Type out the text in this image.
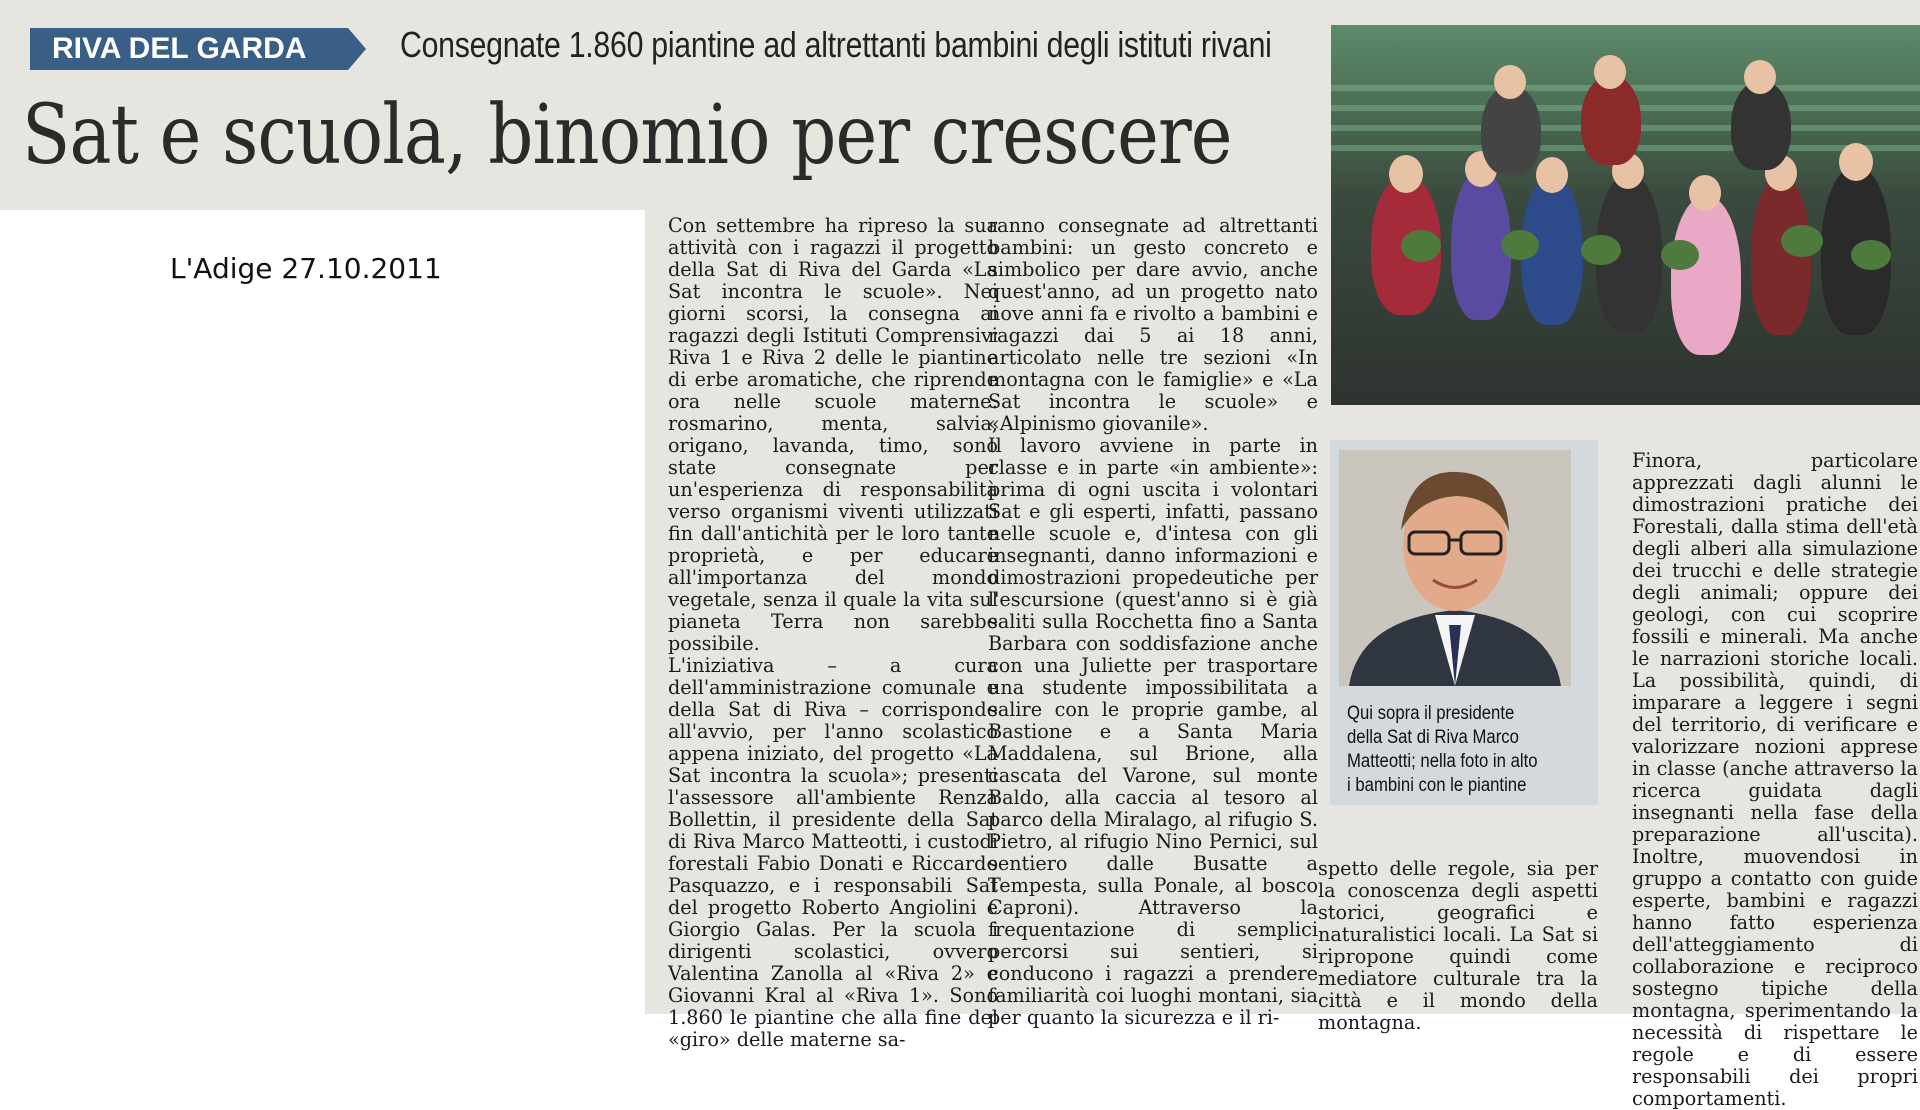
RIVA DEL GARDA	Consegnate 1.860 piantine ad altrettanti bambini degli istituti rivani
Sat e scuola, binomio per crescere
L'Adige 27.10.2011

Con settembre ha ripreso la sua attività con i ragazzi il progetto della Sat di Riva del Garda «La Sat incontra le scuole». Nei giorni scorsi, la consegna ai ragazzi degli Istituti Comprensivi Riva 1 e Riva 2 delle le piantine di erbe aromatiche, che riprende ora nelle scuole materne: rosmarino, menta, salvia, origano, lavanda, timo, sono state consegnate per un'esperienza di responsabilità verso organismi viventi utilizzati fin dall'antichità per le loro tante proprietà, e per educare all'importanza del mondo vegetale, senza il quale la vita sul pianeta Terra non sarebbe possibile.

L'iniziativa – a cura dell'amministrazione comunale e della Sat di Riva – corrisponde all'avvio, per l'anno scolastico appena iniziato, del progetto «La Sat incontra la scuola»; presenti l'assessore all'ambiente Renza Bollettin, il presidente della Sat di Riva Marco Matteotti, i custodi forestali Fabio Donati e Riccardo Pasquazzo, e i responsabili Sat del progetto Roberto Angiolini e Giorgio Galas. Per la scuola i dirigenti scolastici, ovvero Valentina Zanolla al «Riva 2» e Giovanni Kral al «Riva 1». Sono 1.860 le piantine che alla fine del «giro» delle materne sa-

ranno consegnate ad altrettanti bambini: un gesto concreto e simbolico per dare avvio, anche quest'anno, ad un progetto nato nove anni fa e rivolto a bambini e ragazzi dai 5 ai 18 anni, articolato nelle tre sezioni «In montagna con le famiglie» e «La Sat incontra le scuole» e «Alpinismo giovanile».

Il lavoro avviene in parte in classe e in parte «in ambiente»: prima di ogni uscita i volontari Sat e gli esperti, infatti, passano nelle scuole e, d'intesa con gli insegnanti, danno informazioni e dimostrazioni propedeutiche per l'escursione (quest'anno si è già saliti sulla Rocchetta fino a Santa Barbara con soddisfazione anche con una Juliette per trasportare una studente impossibilitata a salire con le proprie gambe, al Bastione e a Santa Maria Maddalena, sul Brione, alla cascata del Varone, sul monte Baldo, alla caccia al tesoro al parco della Miralago, al rifugio S. Pietro, al rifugio Nino Pernici, sul sentiero dalle Busatte a Tempesta, sulla Ponale, al bosco Caproni). Attraverso la frequentazione di semplici percorsi sui sentieri, si conducono i ragazzi a prendere familiarità coi luoghi montani, sia per quanto la sicurezza e il ri-

Qui sopra il presidente
della Sat di Riva Marco
Matteotti; nella foto in alto
i bambini con le piantine

spetto delle regole, sia per la conoscenza degli aspetti storici, geografici e naturalistici locali. La Sat si ripropone quindi come mediatore culturale tra la città e il mondo della montagna.

Finora, particolare apprezzati dagli alunni le dimostrazioni pratiche dei Forestali, dalla stima dell'età degli alberi alla simulazione dei trucchi e delle strategie degli animali; oppure dei geologi, con cui scoprire fossili e minerali. Ma anche le narrazioni storiche locali. La possibilità, quindi, di imparare a leggere i segni del territorio, di verificare e valorizzare nozioni apprese in classe (anche attraverso la ricerca guidata dagli insegnanti nella fase della preparazione all'uscita). Inoltre, muovendosi in gruppo a contatto con guide esperte, bambini e ragazzi hanno fatto esperienza dell'atteggiamento di collaborazione e reciproco sostegno tipiche della montagna, sperimentando la necessità di rispettare le regole e di essere responsabili dei propri comportamenti.
